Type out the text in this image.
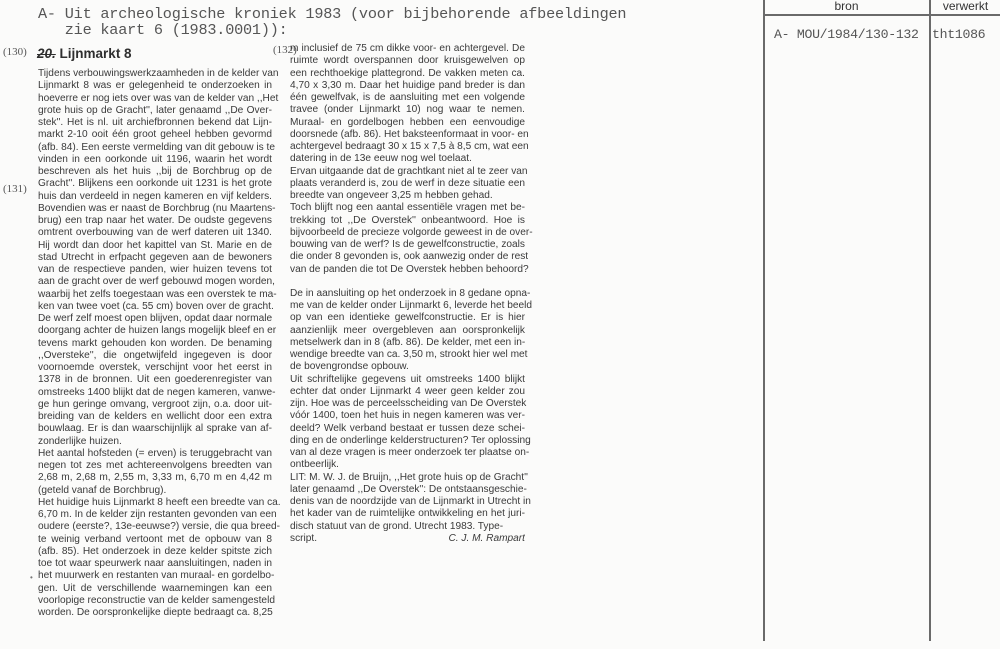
A- Uit archeologische kroniek 1983 (voor bijbehorende afbeeldingen
zie kaart 6 (1983.0001)):
(130)
(131)
(132)
•
20. Lijnmarkt 8
Tijdens verbouwingswerkzaamheden in de kelder van
Lijnmarkt 8 was er gelegenheid te onderzoeken in
hoeverre er nog iets over was van de kelder van ,,Het
grote huis op de Gracht'', later genaamd ,,De Over-
stek''. Het is nl. uit archiefbronnen bekend dat Lijn-
markt 2-10 ooit één groot geheel hebben gevormd
(afb. 84). Een eerste vermelding van dit gebouw is te
vinden in een oorkonde uit 1196, waarin het wordt
beschreven als het huis ,,bij de Borchbrug op de
Gracht''. Blijkens een oorkonde uit 1231 is het grote
huis dan verdeeld in negen kameren en vijf kelders.
Bovendien was er naast de Borchbrug (nu Maartens-
brug) een trap naar het water. De oudste gegevens
omtrent overbouwing van de werf dateren uit 1340.
Hij wordt dan door het kapittel van St. Marie en de
stad Utrecht in erfpacht gegeven aan de bewoners
van de respectieve panden, wier huizen tevens tot
aan de gracht over de werf gebouwd mogen worden,
waarbij het zelfs toegestaan was een overstek te ma-
ken van twee voet (ca. 55 cm) boven over de gracht.
De werf zelf moest open blijven, opdat daar normale
doorgang achter de huizen langs mogelijk bleef en er
tevens markt gehouden kon worden. De benaming
,,Oversteke'', die ongetwijfeld ingegeven is door
voornoemde overstek, verschijnt voor het eerst in
1378 in de bronnen. Uit een goederenregister van
omstreeks 1400 blijkt dat de negen kameren, vanwe-
ge hun geringe omvang, vergroot zijn, o.a. door uit-
breiding van de kelders en wellicht door een extra
bouwlaag. Er is dan waarschijnlijk al sprake van af-
zonderlijke huizen.
Het aantal hofsteden (= erven) is teruggebracht van
negen tot zes met achtereenvolgens breedten van
2,68 m, 2,68 m, 2,55 m, 3,33 m, 6,70 m en 4,42 m
(geteld vanaf de Borchbrug).
Het huidige huis Lijnmarkt 8 heeft een breedte van ca.
6,70 m. In de kelder zijn restanten gevonden van een
oudere (eerste?, 13e-eeuwse?) versie, die qua breed-
te weinig verband vertoont met de opbouw van 8
(afb. 85). Het onderzoek in deze kelder spitste zich
toe tot waar speurwerk naar aansluitingen, naden in
het muurwerk en restanten van muraal- en gordelbo-
gen. Uit de verschillende waarnemingen kan een
voorlopige reconstructie van de kelder samengesteld
worden. De oorspronkelijke diepte bedraagt ca. 8,25
m inclusief de 75 cm dikke voor- en achtergevel. De
ruimte wordt overspannen door kruisgewelven op
een rechthoekige plattegrond. De vakken meten ca.
4,70 x 3,30 m. Daar het huidige pand breder is dan
één gewelfvak, is de aansluiting met een volgende
travee (onder Lijnmarkt 10) nog waar te nemen.
Muraal- en gordelbogen hebben een eenvoudige
doorsnede (afb. 86). Het baksteenformaat in voor- en
achtergevel bedraagt 30 x 15 x 7,5 à 8,5 cm, wat een
datering in de 13e eeuw nog wel toelaat.
Ervan uitgaande dat de grachtkant niet al te zeer van
plaats veranderd is, zou de werf in deze situatie een
breedte van ongeveer 3,25 m hebben gehad.
Toch blijft nog een aantal essentiële vragen met be-
trekking tot ,,De Overstek'' onbeantwoord. Hoe is
bijvoorbeeld de precieze volgorde geweest in de over-
bouwing van de werf? Is de gewelfconstructie, zoals
die onder 8 gevonden is, ook aanwezig onder de rest
van de panden die tot De Overstek hebben behoord?
De in aansluiting op het onderzoek in 8 gedane opna-
me van de kelder onder Lijnmarkt 6, leverde het beeld
op van een identieke gewelfconstructie. Er is hier
aanzienlijk meer overgebleven aan oorspronkelijk
metselwerk dan in 8 (afb. 86). De kelder, met een in-
wendige breedte van ca. 3,50 m, strookt hier wel met
de bovengrondse opbouw.
Uit schriftelijke gegevens uit omstreeks 1400 blijkt
echter dat onder Lijnmarkt 4 weer geen kelder zou
zijn. Hoe was de perceelsscheiding van De Overstek
vóór 1400, toen het huis in negen kameren was ver-
deeld? Welk verband bestaat er tussen deze schei-
ding en de onderlinge kelderstructuren? Ter oplossing
van al deze vragen is meer onderzoek ter plaatse on-
ontbeerlijk.
LIT: M. W. J. de Bruijn, ,,Het grote huis op de Gracht''
later genaamd ,,De Overstek'': De ontstaansgeschie-
denis van de noordzijde van de Lijnmarkt in Utrecht in
het kader van de ruimtelijke ontwikkeling en het juri-
disch statuut van de grond. Utrecht 1983. Type-
script.	C. J. M. Rampart
bron	verwerkt
A- MOU/1984/130-132 tht1086
